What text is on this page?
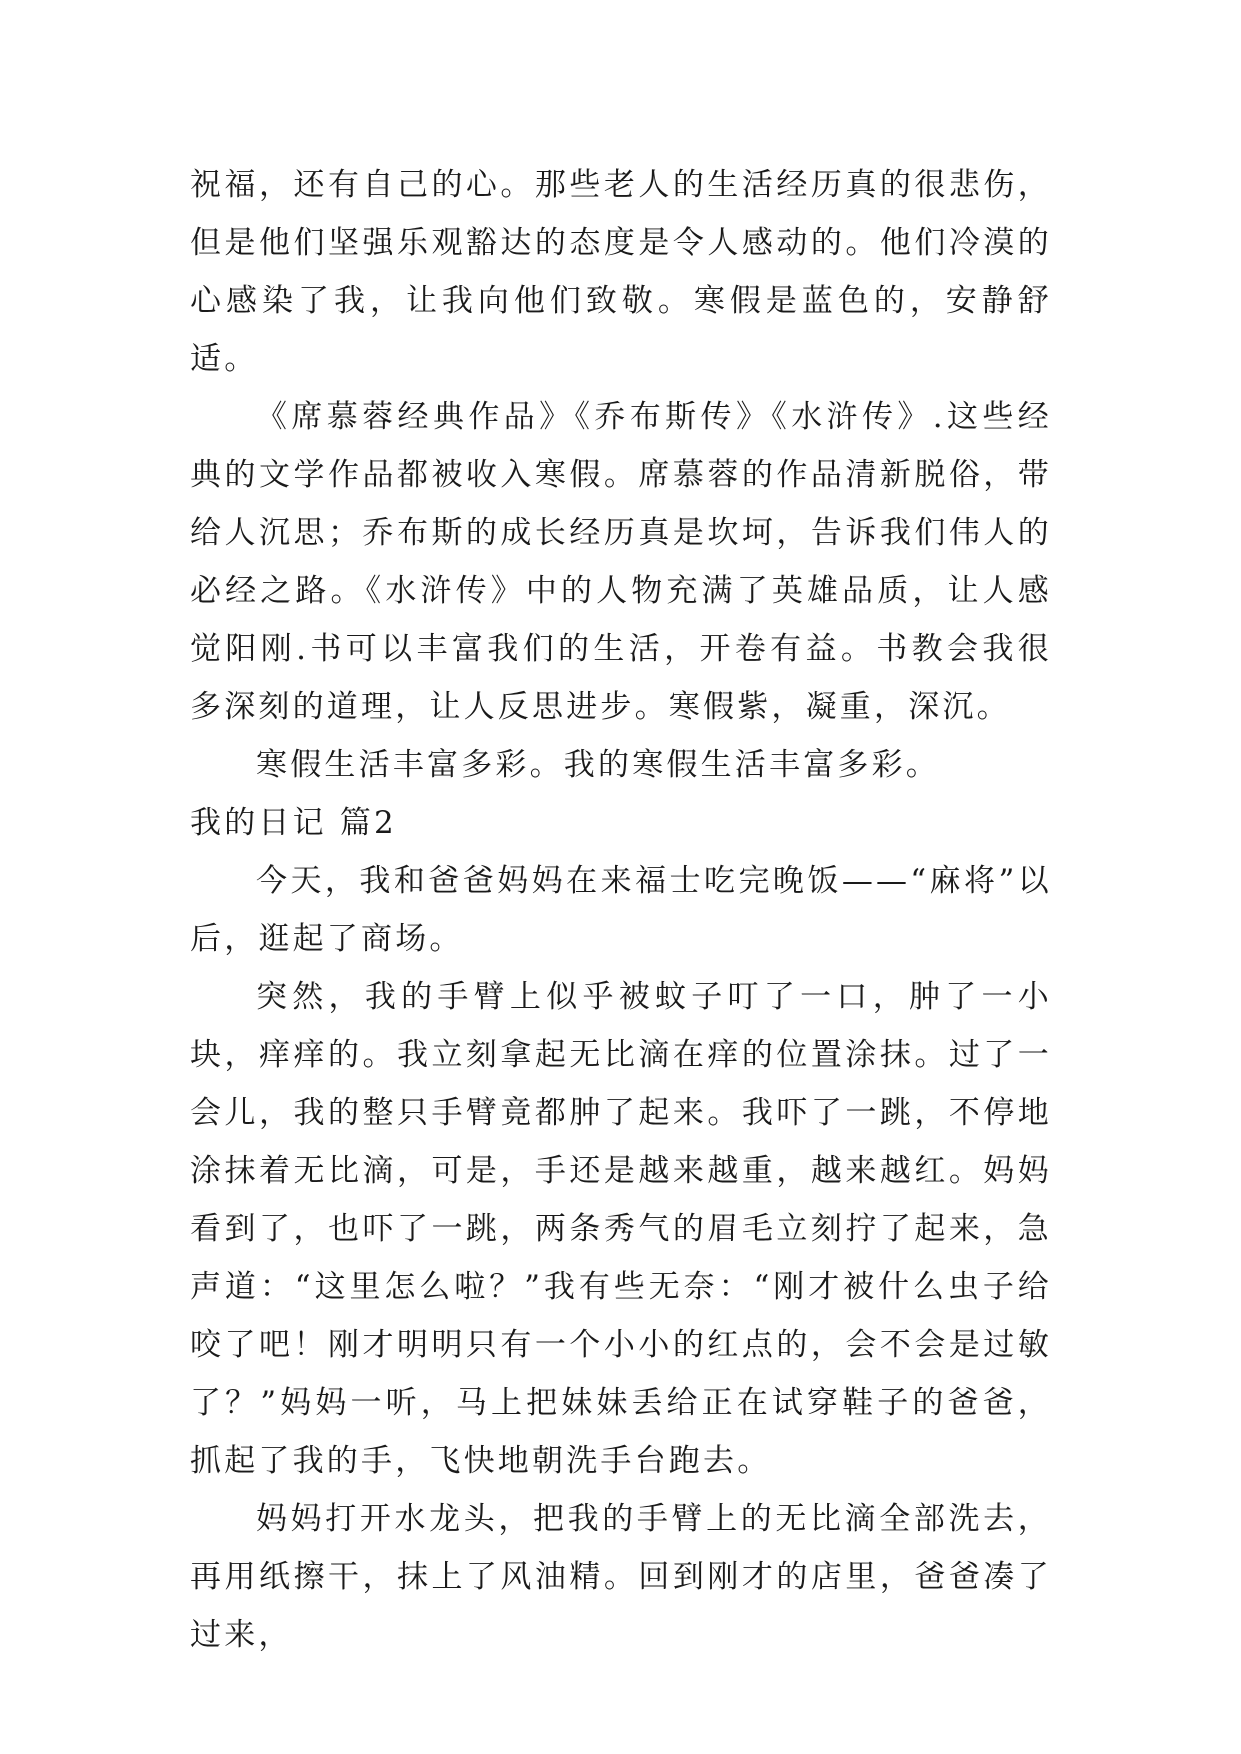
祝福，还有自己的心。那些老人的生活经历真的很悲伤，但是他们坚强乐观豁达的态度是令人感动的。他们冷漠的心感染了我，让我向他们致敬。寒假是蓝色的，安静舒适。

《席慕蓉经典作品》《乔布斯传》《水浒传》.这些经典的文学作品都被收入寒假。席慕蓉的作品清新脱俗，带给人沉思；乔布斯的成长经历真是坎坷，告诉我们伟人的必经之路。《水浒传》中的人物充满了英雄品质，让人感觉阳刚.书可以丰富我们的生活，开卷有益。书教会我很多深刻的道理，让人反思进步。寒假紫，凝重，深沉。

寒假生活丰富多彩。我的寒假生活丰富多彩。

我的日记 篇2

今天，我和爸爸妈妈在来福士吃完晚饭——“麻将”以后，逛起了商场。

突然，我的手臂上似乎被蚊子叮了一口，肿了一小块，痒痒的。我立刻拿起无比滴在痒的位置涂抹。过了一会儿，我的整只手臂竟都肿了起来。我吓了一跳，不停地涂抹着无比滴，可是，手还是越来越重，越来越红。妈妈看到了，也吓了一跳，两条秀气的眉毛立刻拧了起来，急声道：“这里怎么啦？”我有些无奈：“刚才被什么虫子给咬了吧！刚才明明只有一个小小的红点的，会不会是过敏了？”妈妈一听，马上把妹妹丢给正在试穿鞋子的爸爸，抓起了我的手，飞快地朝洗手台跑去。

妈妈打开水龙头，把我的手臂上的无比滴全部洗去，再用纸擦干，抹上了风油精。回到刚才的店里，爸爸凑了过来，
